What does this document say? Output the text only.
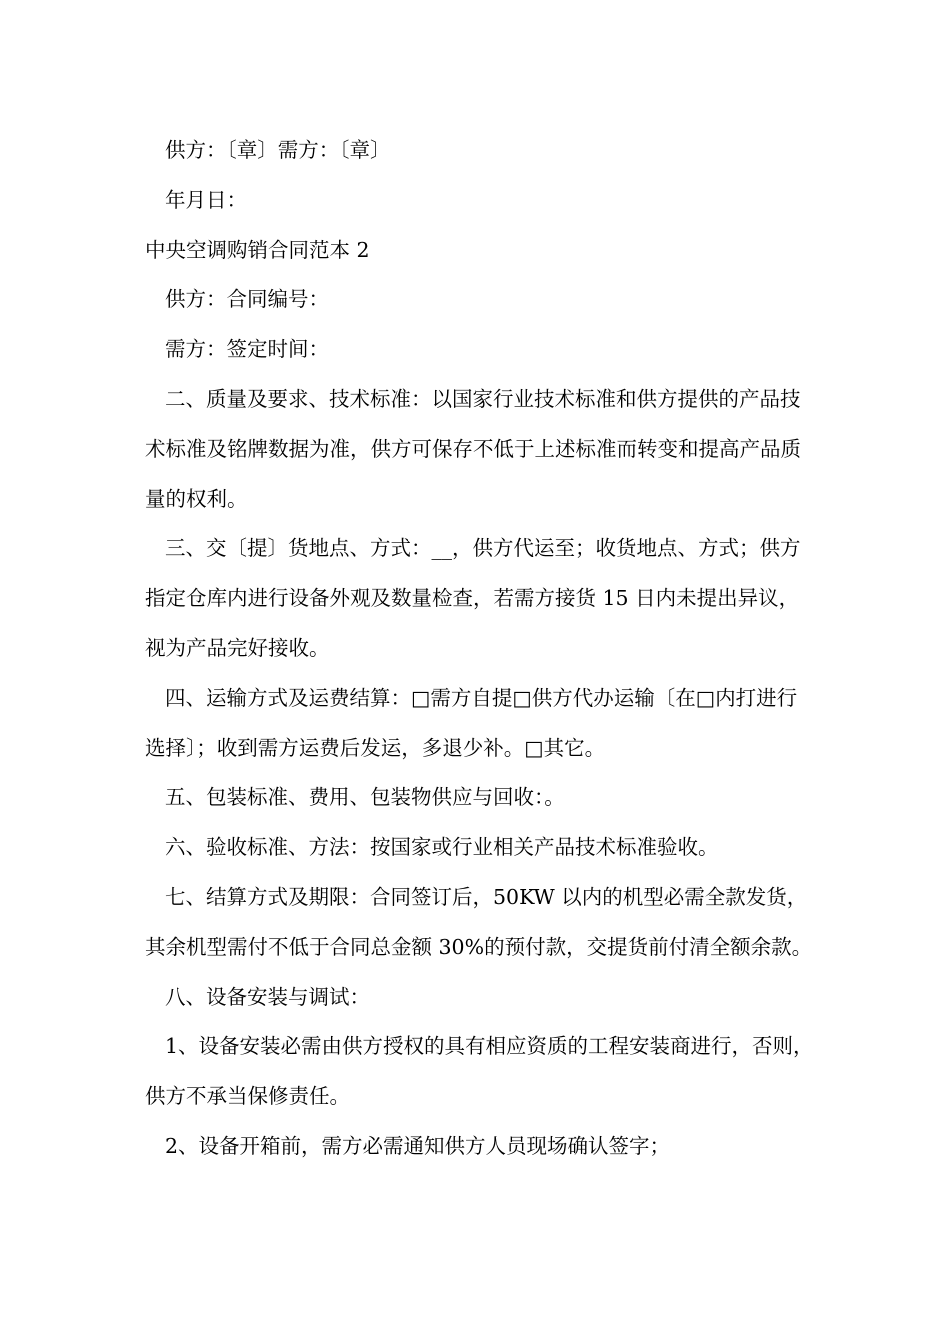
供方：〔章〕需方：〔章〕

年月日：

中央空调购销合同范本 2

供方：合同编号：

需方：签定时间：

二、质量及要求、技术标准：以国家行业技术标准和供方提供的产品技术标准及铭牌数据为准，供方可保存不低于上述标准而转变和提高产品质量的权利。

三、交〔提〕货地点、方式：__，供方代运至；收货地点、方式；供方指定仓库内进行设备外观及数量检查，若需方接货 15 日内未提出异议，视为产品完好接收。

四、运输方式及运费结算：□需方自提□供方代办运输〔在□内打进行选择〕；收到需方运费后发运，多退少补。□其它。

五、包装标准、费用、包装物供应与回收：。

六、验收标准、方法：按国家或行业相关产品技术标准验收。

七、结算方式及期限：合同签订后，50KW 以内的机型必需全款发货，其余机型需付不低于合同总金额 30%的预付款，交提货前付清全额余款。

八、设备安装与调试：

1、设备安装必需由供方授权的具有相应资质的工程安装商进行，否则，供方不承当保修责任。

2、设备开箱前，需方必需通知供方人员现场确认签字；
